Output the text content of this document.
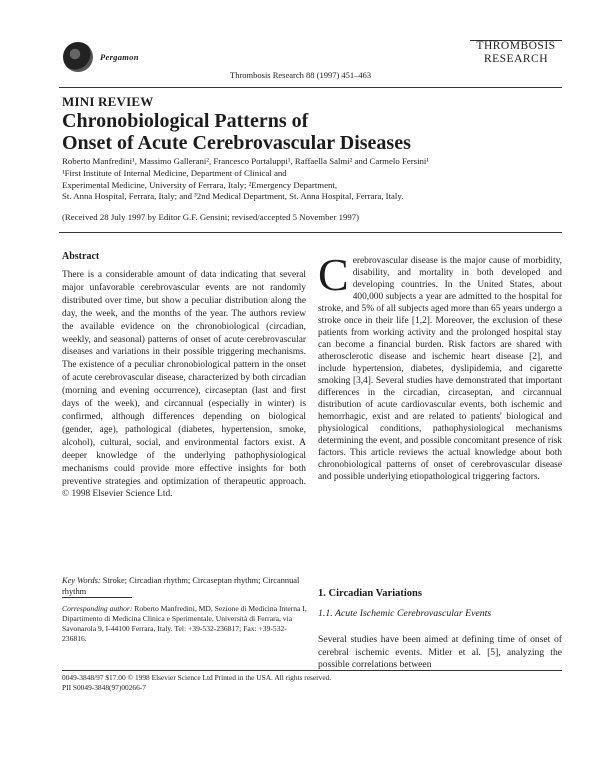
Pergamon
THROMBOSIS
RESEARCH
Thrombosis Research 88 (1997) 451–463
MINI REVIEW
Chronobiological Patterns of
Onset of Acute Cerebrovascular Diseases
Roberto Manfredini¹, Massimo Gallerani², Francesco Portaluppi¹, Raffaella Salmi² and Carmelo Fersini¹
¹First Institute of Internal Medicine, Department of Clinical and
Experimental Medicine, University of Ferrara, Italy; ²Emergency Department,
St. Anna Hospital, Ferrara, Italy; and ³2nd Medical Department, St. Anna Hospital, Ferrara, Italy.
(Received 28 July 1997 by Editor G.F. Gensini; revised/accepted 5 November 1997)
Abstract

There is a considerable amount of data indicating that several major unfavorable cerebrovascular events are not randomly distributed over time, but show a peculiar distribution along the day, the week, and the months of the year. The authors review the available evidence on the chronobiological (circadian, weekly, and seasonal) patterns of onset of acute cerebrovascular diseases and variations in their possible triggering mechanisms. The existence of a peculiar chronobiological pattern in the onset of acute cerebrovascular disease, characterized by both circadian (morning and evening occurrence), circaseptan (last and first days of the week), and circannual (especially in winter) is confirmed, although differences depending on biological (gender, age), pathological (diabetes, hypertension, smoke, alcohol), cultural, social, and environmental factors exist. A deeper knowledge of the underlying pathophysiological mechanisms could provide more effective insights for both preventive strategies and optimization of therapeutic approach. © 1998 Elsevier Science Ltd.

Key Words: Stroke; Circadian rhythm; Circaseptan rhythm; Circannual rhythm
Corresponding author: Roberto Manfredini, MD, Sezione di Medicina Interna I, Dipartimento di Medicina Clinica e Sperimentale, Università di Ferrara, via Savonarola 9, I-44100 Ferrara, Italy. Tel: +39-532-236817; Fax: +39-532-236816.
C erebrovascular disease is the major cause of morbidity, disability, and mortality in both developed and developing countries. In the United States, about 400,000 subjects a year are admitted to the hospital for stroke, and 5% of all subjects aged more than 65 years undergo a stroke once in their life [1,2]. Moreover, the exclusion of these patients from working activity and the prolonged hospital stay can become a financial burden. Risk factors are shared with atherosclerotic disease and ischemic heart disease [2], and include hypertension, diabetes, dyslipidemia, and cigarette smoking [3,4]. Several studies have demonstrated that important differences in the circadian, circaseptan, and circannual distribution of acute cardiovascular events, both ischemic and hemorrhagic, exist and are related to patients' biological and physiological conditions, pathophysiological mechanisms determining the event, and possible concomitant presence of risk factors. This article reviews the actual knowledge about both chronobiological patterns of onset of cerebrovascular disease and possible underlying etiopathological triggering factors.

1. Circadian Variations
1.1. Acute Ischemic Cerebrovascular Events

Several studies have been aimed at defining time of onset of cerebral ischemic events. Mitler et al. [5], analyzing the possible correlations between

0049-3848/97 $17.00 © 1998 Elsevier Science Ltd Printed in the USA. All rights reserved.
PII S0049-3848(97)00266-7
